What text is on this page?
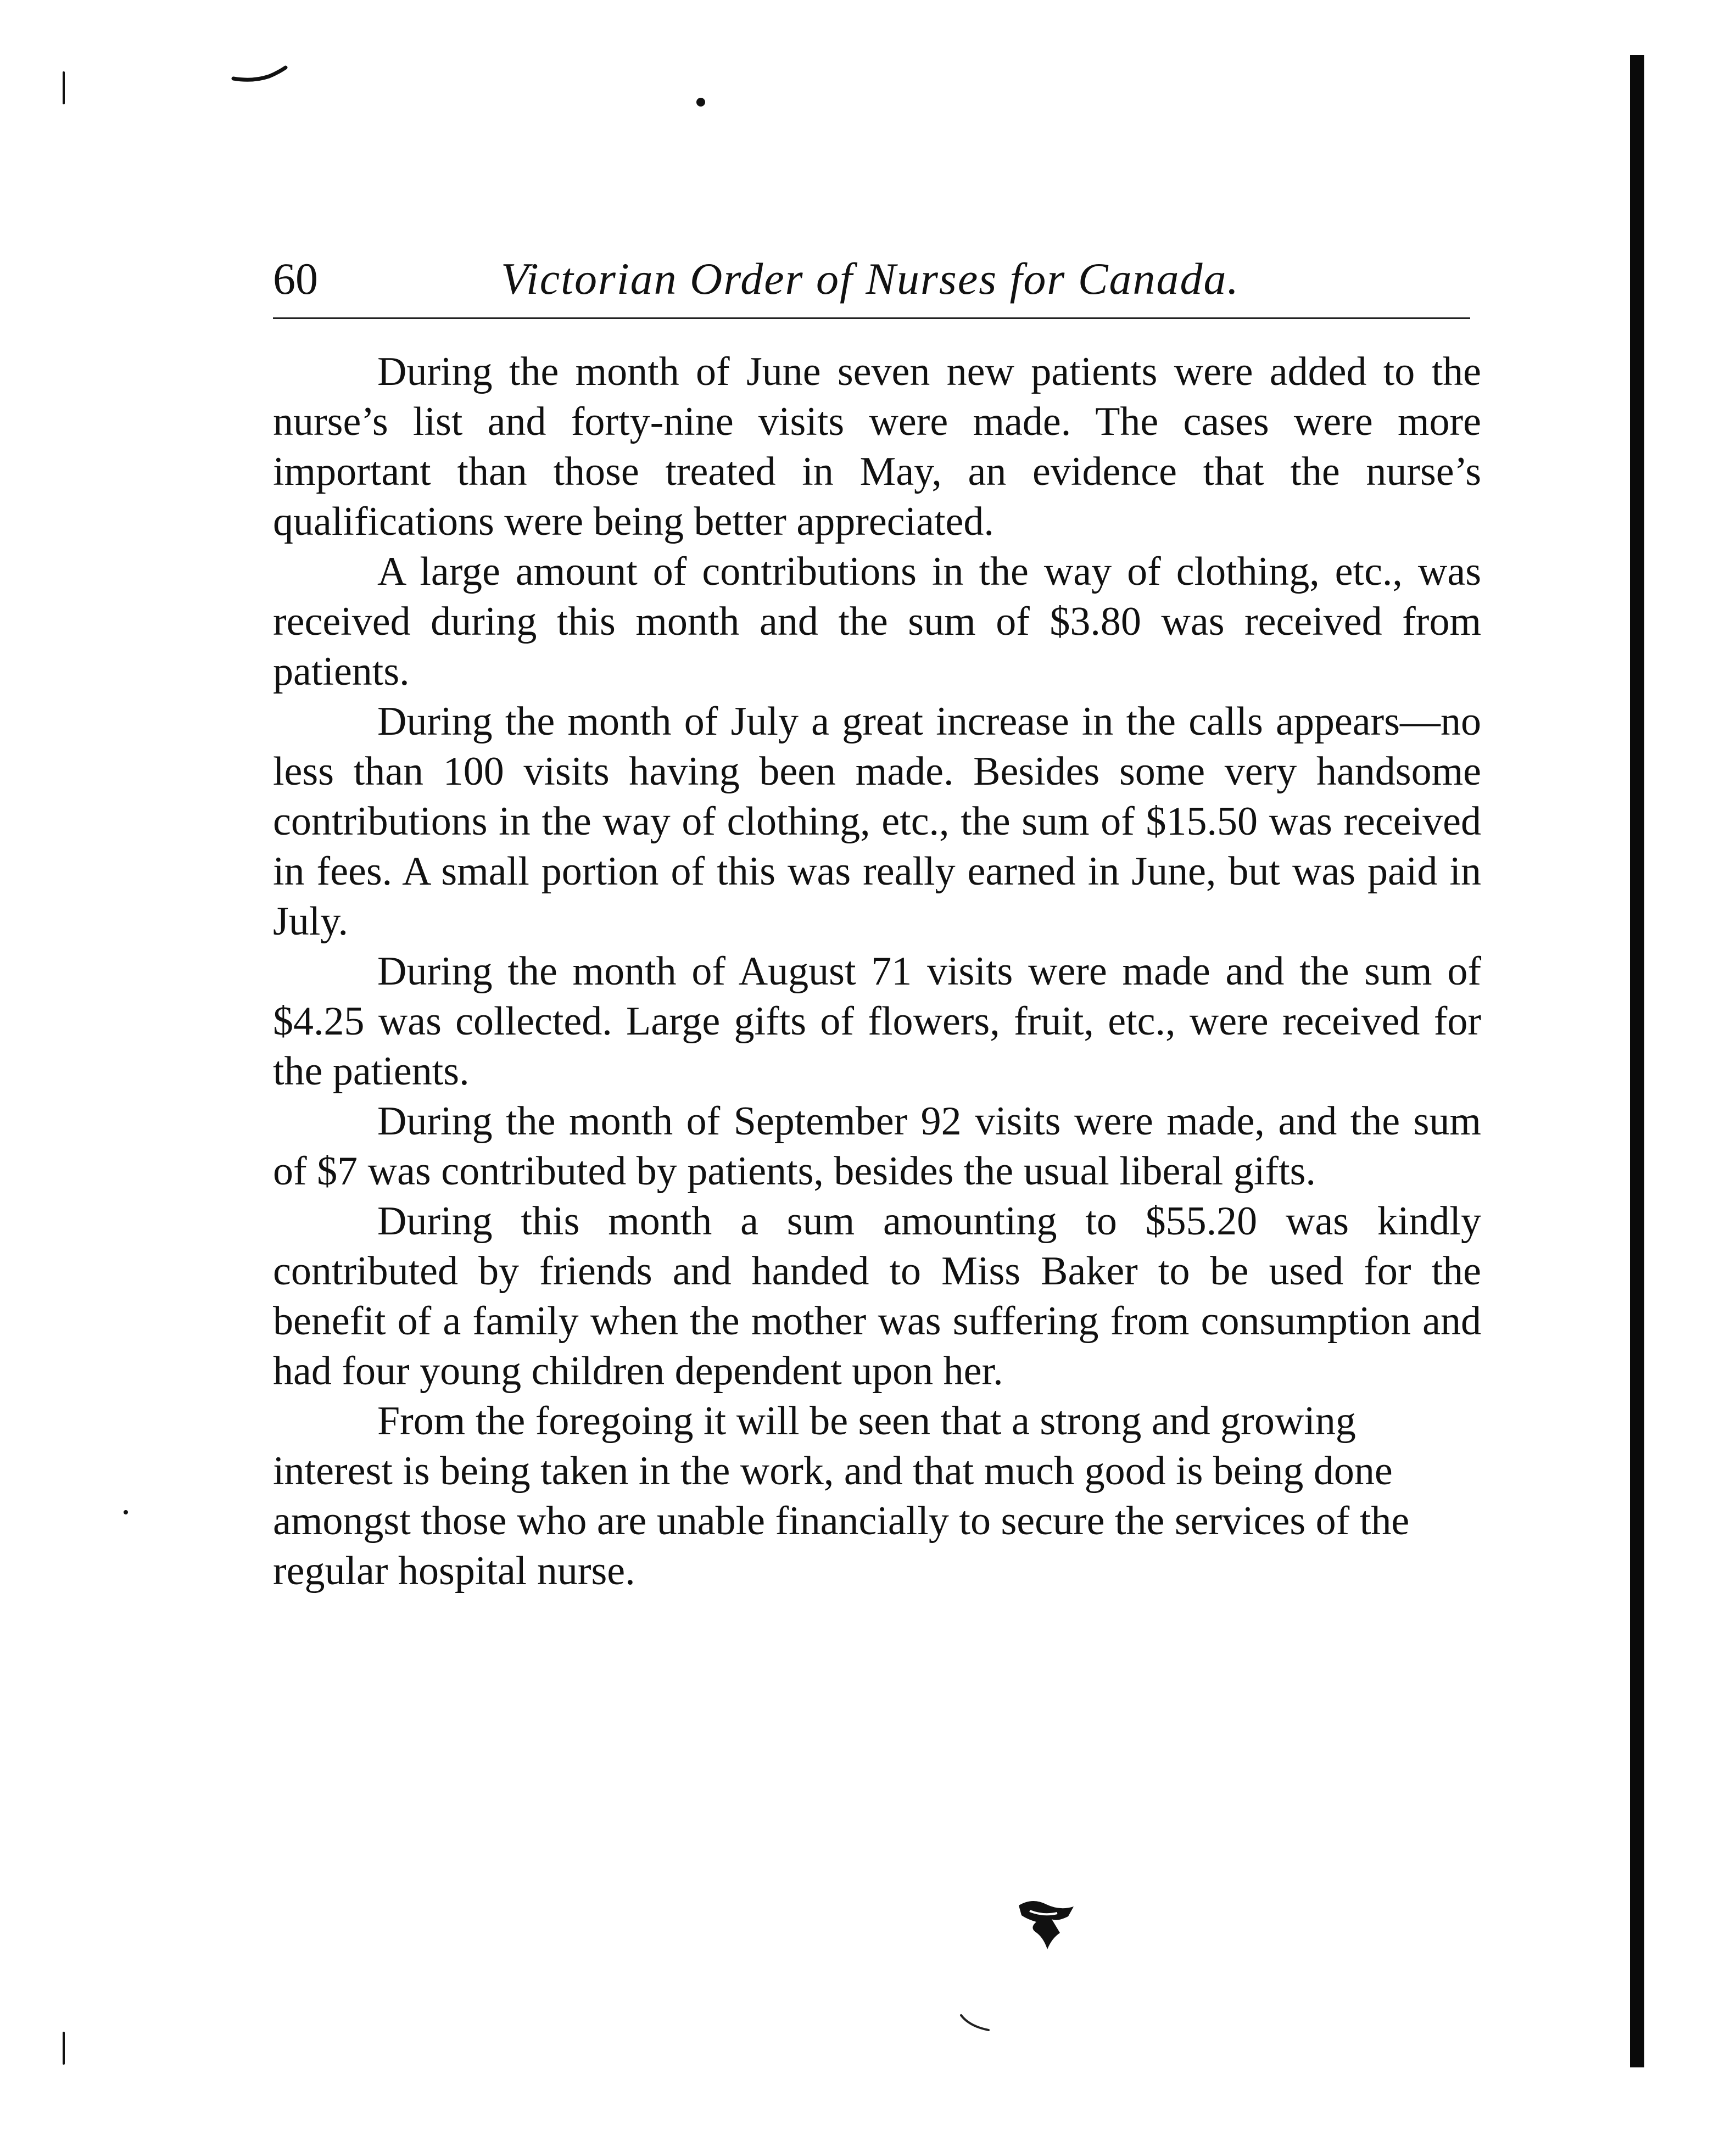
60	Victorian Order of Nurses for Canada.

During the month of June seven new patients were added to the nurse’s list and forty-nine visits were made. The cases were more important than those treated in May, an evidence that the nurse’s qualifications were being better appreciated.

A large amount of contributions in the way of clothing, etc., was received during this month and the sum of $3.80 was received from patients.

During the month of July a great increase in the calls appears—no less than 100 visits having been made. Besides some very handsome contributions in the way of clothing, etc., the sum of $15.50 was received in fees. A small portion of this was really earned in June, but was paid in July.

During the month of August 71 visits were made and the sum of $4.25 was collected. Large gifts of flowers, fruit, etc., were received for the patients.

During the month of September 92 visits were made, and the sum of $7 was contributed by patients, besides the usual liberal gifts.

During this month a sum amounting to $55.20 was kindly contributed by friends and handed to Miss Baker to be used for the benefit of a family when the mother was suffering from consumption and had four young children dependent upon her.

From the foregoing it will be seen that a strong and growing interest is being taken in the work, and that much good is being done amongst those who are unable financially to secure the services of the regular hospital nurse.
